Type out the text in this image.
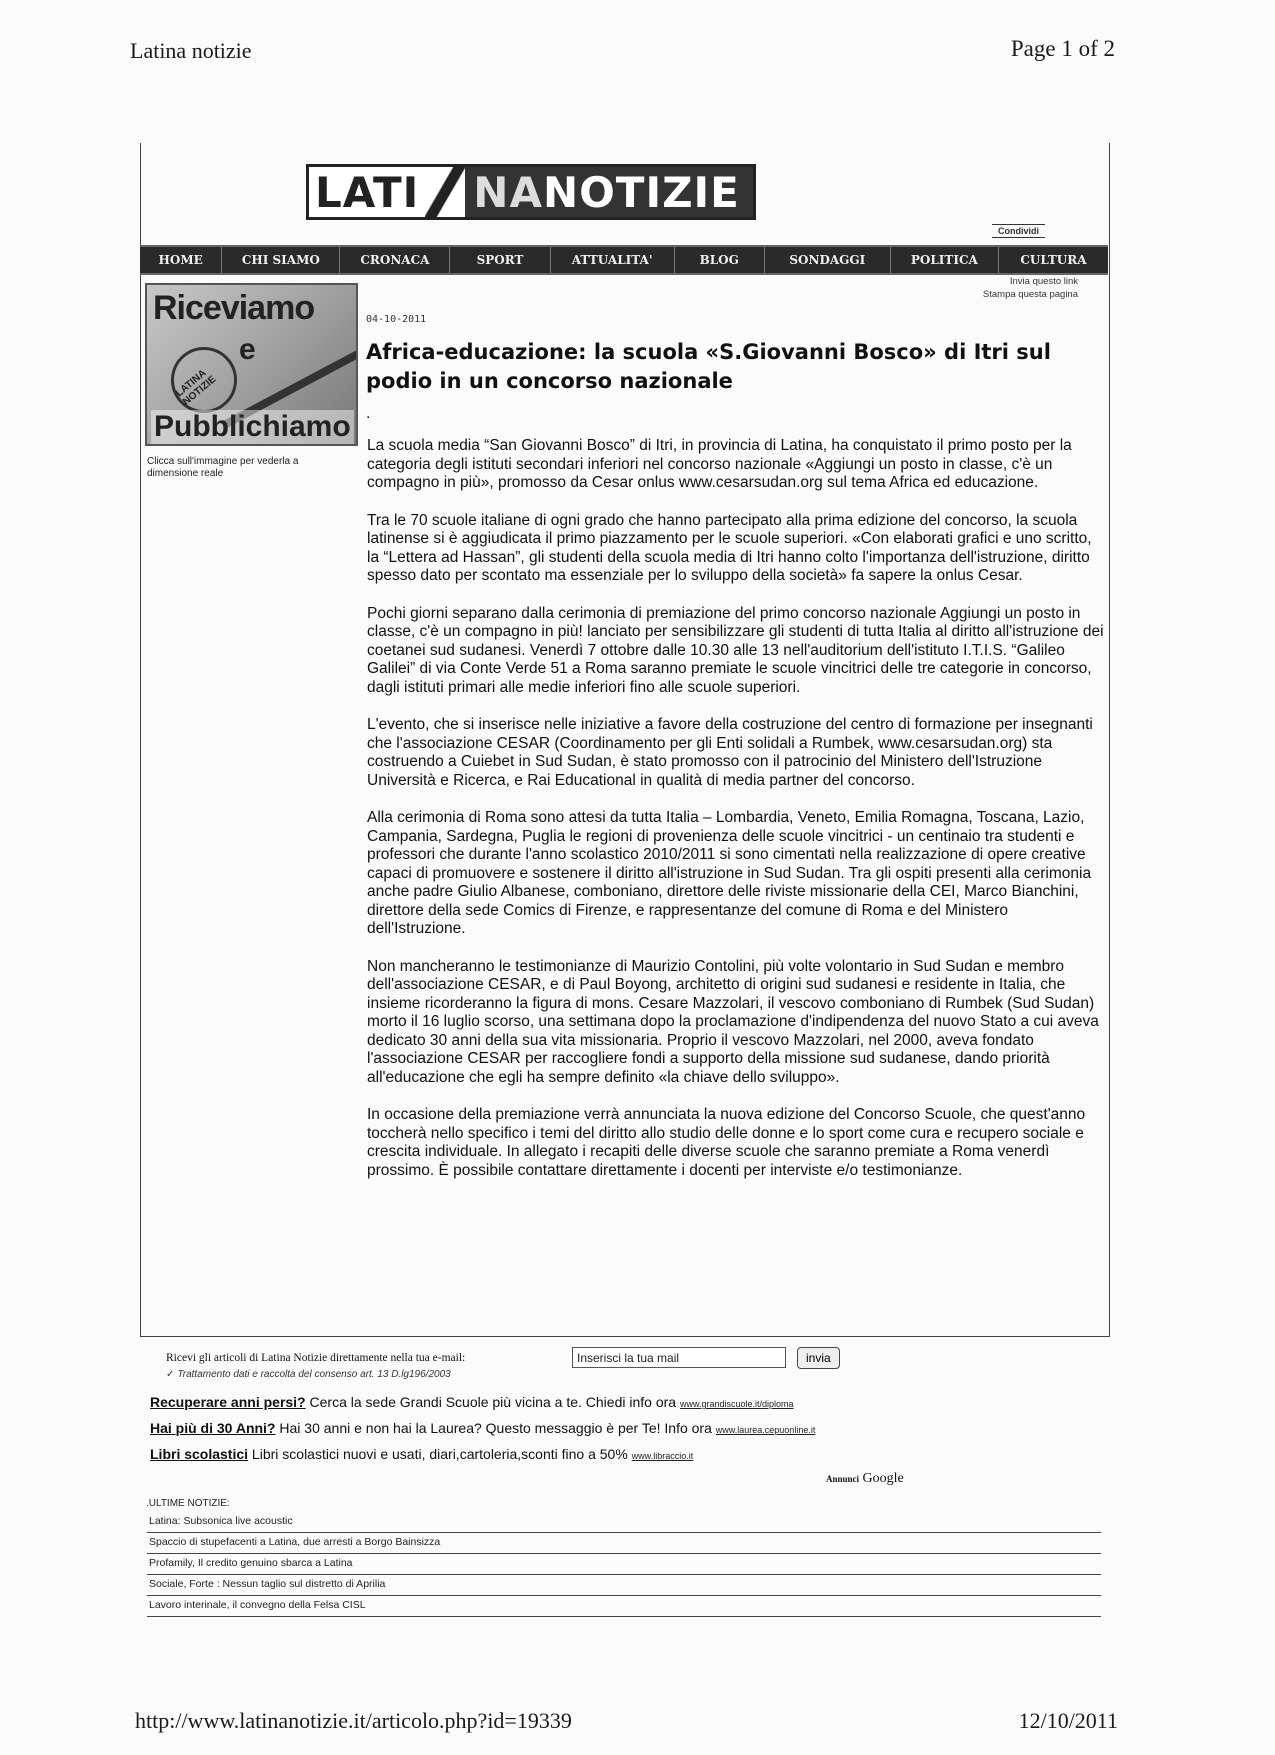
Latina notizie	Page 1 of 2
LATI NA NOTIZIE
Condividi
HOME	CHI SIAMO	CRONACA	SPORT	ATTUALITA'	BLOG	SONDAGGI	POLITICA	CULTURA
Invia questo link
Stampa questa pagina
LATINA NOTIZIE
Riceviamo
e
Pubblichiamo
Clicca sull'immagine per vederla a dimensione reale
04-10-2011
Africa-educazione: la scuola «S.Giovanni Bosco» di Itri sul podio in un concorso nazionale
.

La scuola media “San Giovanni Bosco” di Itri, in provincia di Latina, ha conquistato il primo posto per la categoria degli istituti secondari inferiori nel concorso nazionale «Aggiungi un posto in classe, c'è un compagno in più», promosso da Cesar onlus www.cesarsudan.org sul tema Africa ed educazione.

Tra le 70 scuole italiane di ogni grado che hanno partecipato alla prima edizione del concorso, la scuola latinense si è aggiudicata il primo piazzamento per le scuole superiori. «Con elaborati grafici e uno scritto, la “Lettera ad Hassan”, gli studenti della scuola media di Itri hanno colto l'importanza dell'istruzione, diritto spesso dato per scontato ma essenziale per lo sviluppo della società» fa sapere la onlus Cesar.

Pochi giorni separano dalla cerimonia di premiazione del primo concorso nazionale Aggiungi un posto in classe, c'è un compagno in più! lanciato per sensibilizzare gli studenti di tutta Italia al diritto all'istruzione dei coetanei sud sudanesi. Venerdì 7 ottobre dalle 10.30 alle 13 nell'auditorium dell'istituto I.T.I.S. “Galileo Galilei” di via Conte Verde 51 a Roma saranno premiate le scuole vincitrici delle tre categorie in concorso, dagli istituti primari alle medie inferiori fino alle scuole superiori.

L'evento, che si inserisce nelle iniziative a favore della costruzione del centro di formazione per insegnanti che l'associazione CESAR (Coordinamento per gli Enti solidali a Rumbek, www.cesarsudan.org) sta costruendo a Cuiebet in Sud Sudan, è stato promosso con il patrocinio del Ministero dell'Istruzione Università e Ricerca, e Rai Educational in qualità di media partner del concorso.

Alla cerimonia di Roma sono attesi da tutta Italia – Lombardia, Veneto, Emilia Romagna, Toscana, Lazio, Campania, Sardegna, Puglia le regioni di provenienza delle scuole vincitrici - un centinaio tra studenti e professori che durante l'anno scolastico 2010/2011 si sono cimentati nella realizzazione di opere creative capaci di promuovere e sostenere il diritto all'istruzione in Sud Sudan. Tra gli ospiti presenti alla cerimonia anche padre Giulio Albanese, comboniano, direttore delle riviste missionarie della CEI, Marco Bianchini, direttore della sede Comics di Firenze, e rappresentanze del comune di Roma e del Ministero dell'Istruzione.

Non mancheranno le testimonianze di Maurizio Contolini, più volte volontario in Sud Sudan e membro dell'associazione CESAR, e di Paul Boyong, architetto di origini sud sudanesi e residente in Italia, che insieme ricorderanno la figura di mons. Cesare Mazzolari, il vescovo comboniano di Rumbek (Sud Sudan) morto il 16 luglio scorso, una settimana dopo la proclamazione d'indipendenza del nuovo Stato a cui aveva dedicato 30 anni della sua vita missionaria. Proprio il vescovo Mazzolari, nel 2000, aveva fondato l'associazione CESAR per raccogliere fondi a supporto della missione sud sudanese, dando priorità all'educazione che egli ha sempre definito «la chiave dello sviluppo».

In occasione della premiazione verrà annunciata la nuova edizione del Concorso Scuole, che quest'anno toccherà nello specifico i temi del diritto allo studio delle donne e lo sport come cura e recupero sociale e crescita individuale. In allegato i recapiti delle diverse scuole che saranno premiate a Roma venerdì prossimo. È possibile contattare direttamente i docenti per interviste e/o testimonianze.

Ricevi gli articoli di Latina Notizie direttamente nella tua e-mail:
✓ Trattamento dati e raccolta del consenso art. 13 D.lg196/2003
Inserisci la tua mail
invia
Recuperare anni persi? Cerca la sede Grandi Scuole più vicina a te. Chiedi info ora www.grandiscuole.it/diploma
Hai più di 30 Anni? Hai 30 anni e non hai la Laurea? Questo messaggio è per Te! Info ora www.laurea.cepuonline.it
Libri scolastici Libri scolastici nuovi e usati, diari,cartoleria,sconti fino a 50% www.libraccio.it
Annunci Google
.ULTIME NOTIZIE:
Latina: Subsonica live acoustic
Spaccio di stupefacenti a Latina, due arresti a Borgo Bainsizza
Profamily, Il credito genuino sbarca a Latina
Sociale, Forte : Nessun taglio sul distretto di Aprilia
Lavoro interinale, il convegno della Felsa CISL
http://www.latinanotizie.it/articolo.php?id=19339	12/10/2011
